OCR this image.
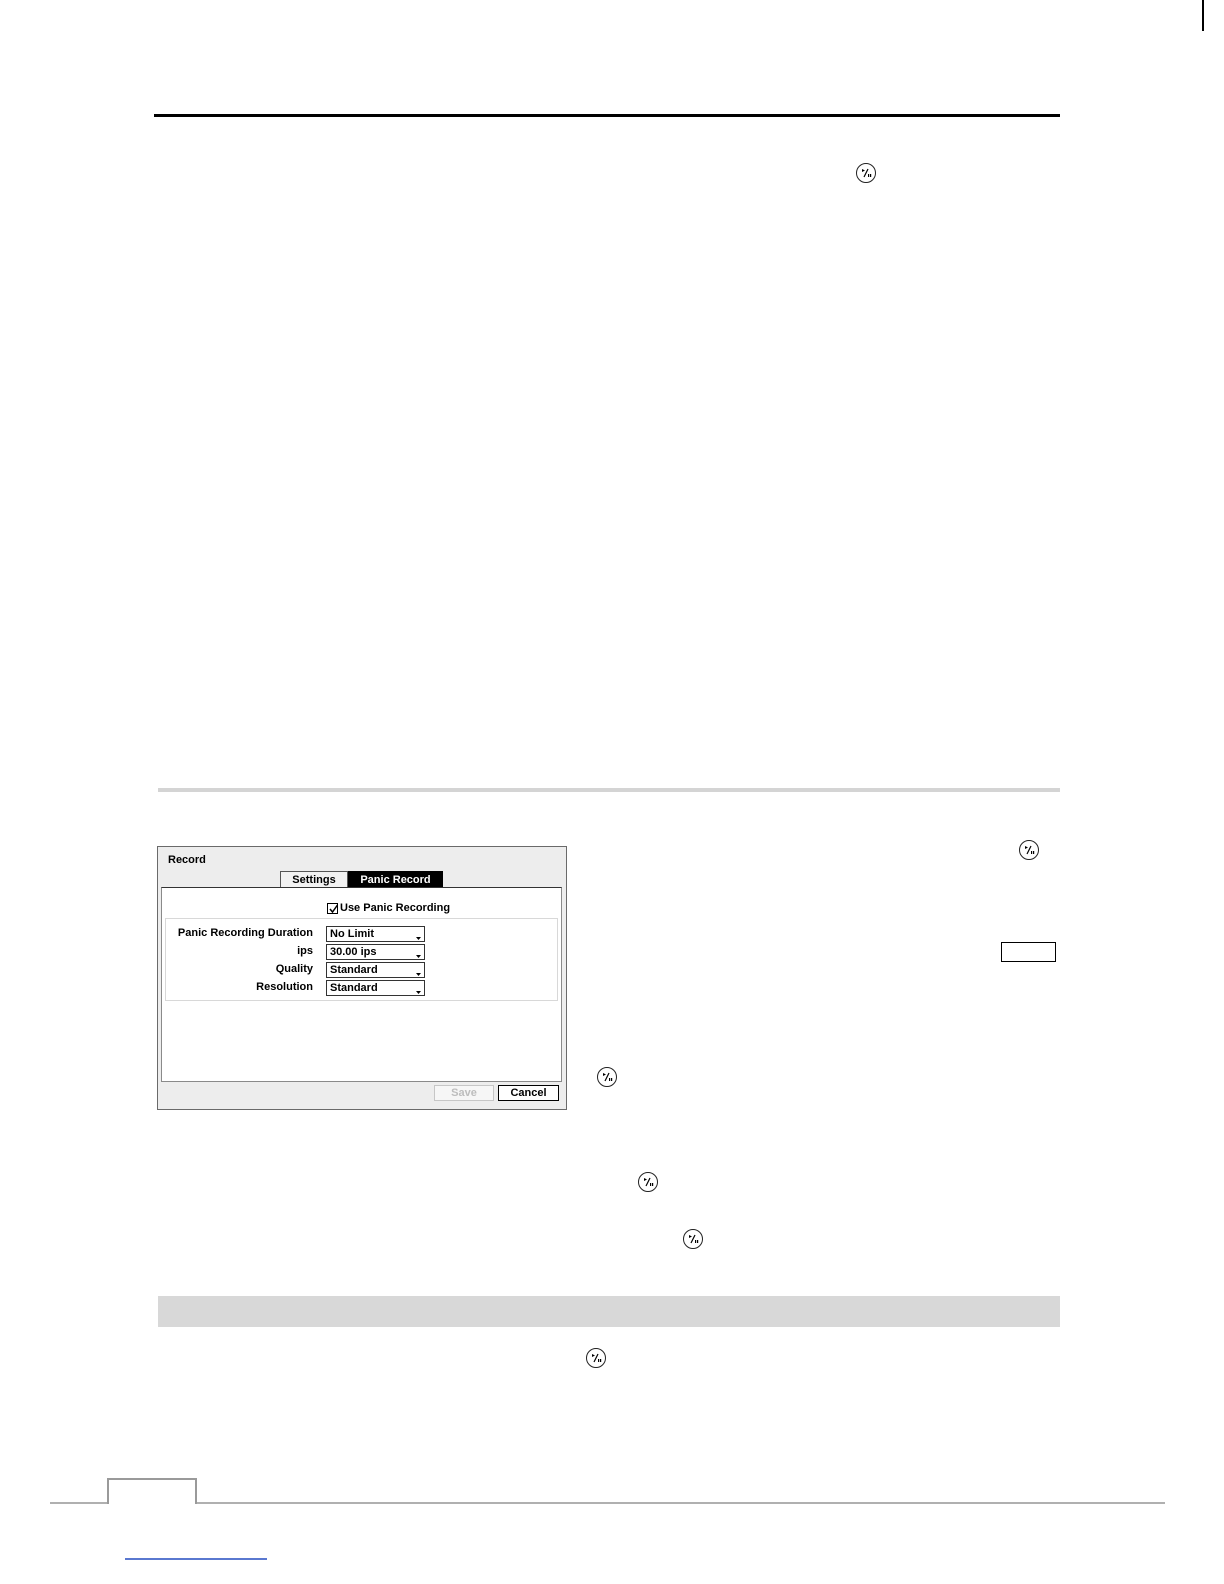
Record
Settings	Panic Record
Use Panic Recording
Panic Recording Duration	No Limit
ips	30.00 ips
Quality	Standard
Resolution	Standard
Save	Cancel
